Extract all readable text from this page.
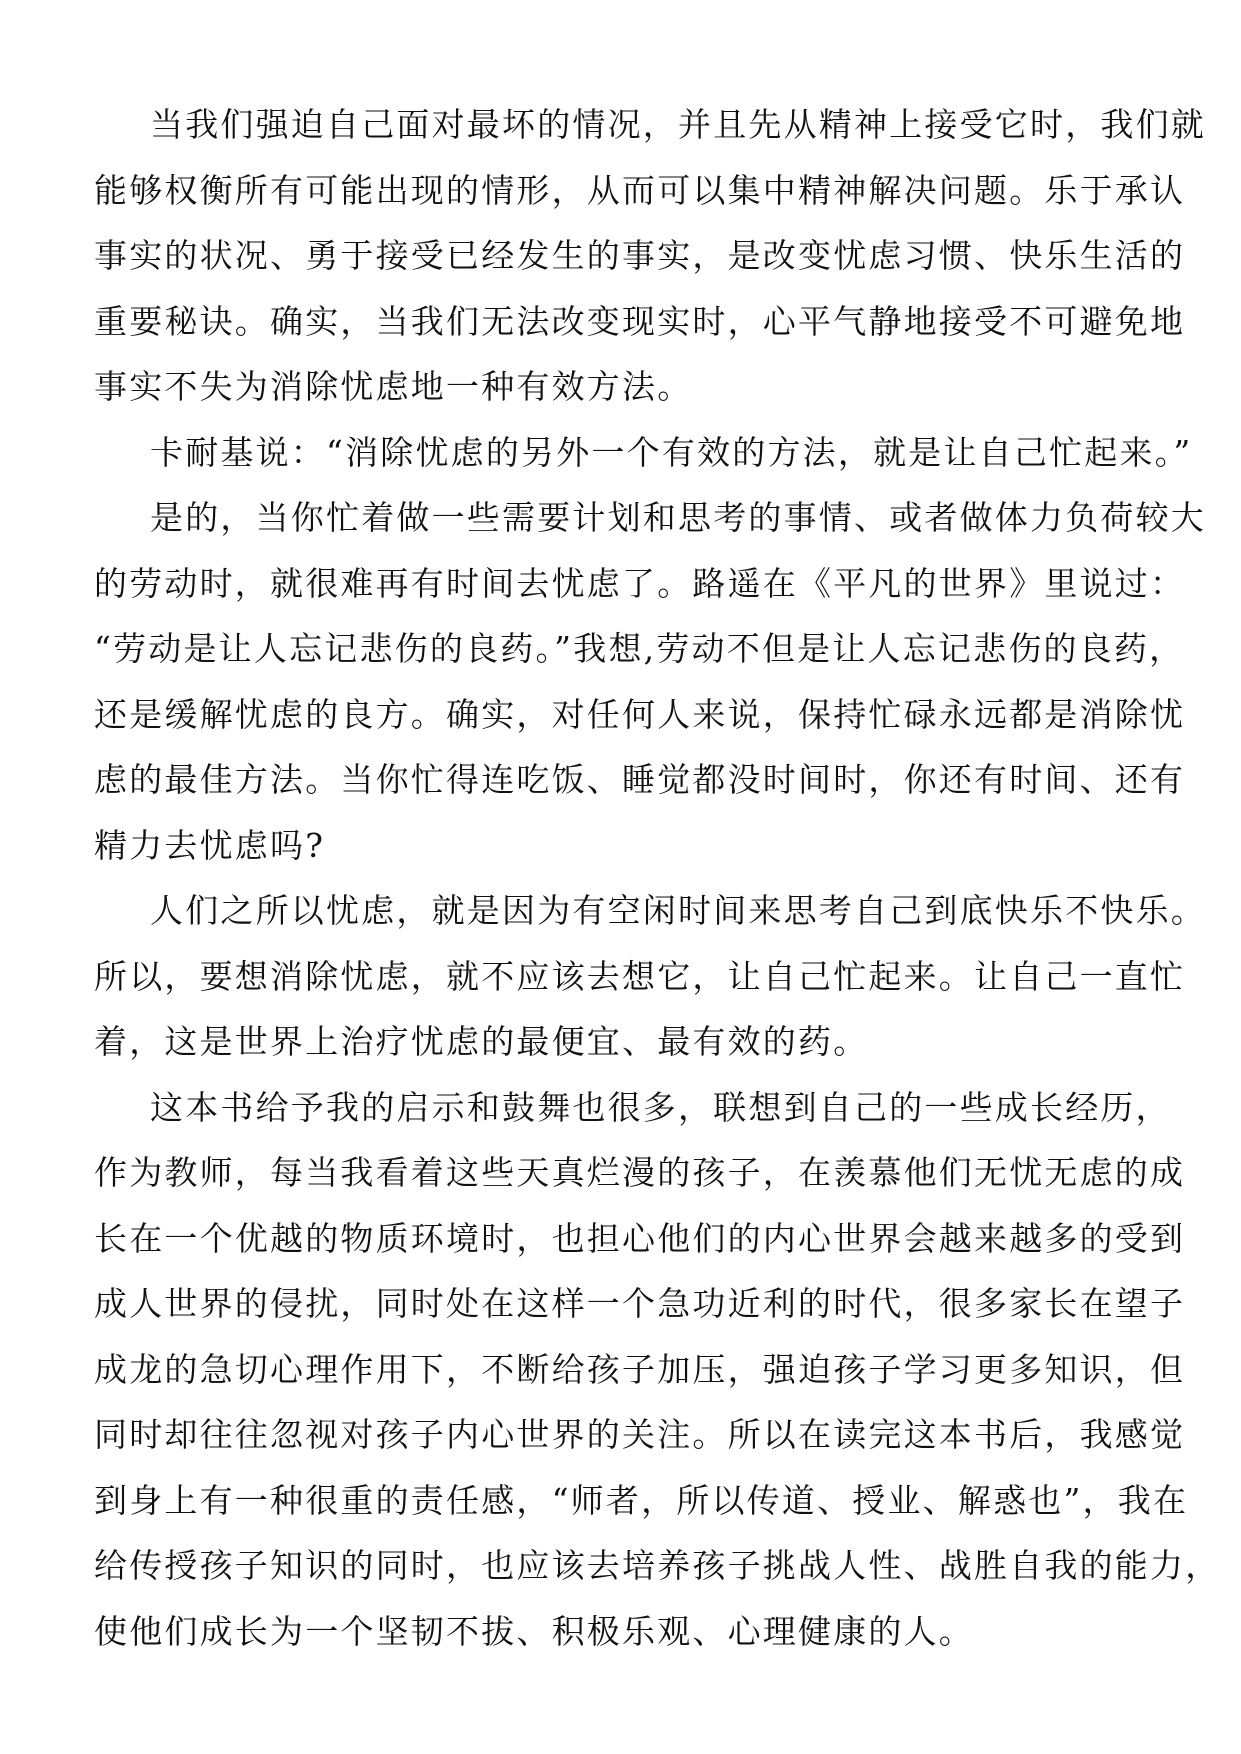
当我们强迫自己面对最坏的情况，并且先从精神上接受它时，我们就
能够权衡所有可能出现的情形，从而可以集中精神解决问题。乐于承认
事实的状况、勇于接受已经发生的事实，是改变忧虑习惯、快乐生活的
重要秘诀。确实，当我们无法改变现实时，心平气静地接受不可避免地
事实不失为消除忧虑地一种有效方法。
卡耐基说：“消除忧虑的另外一个有效的方法，就是让自己忙起来。”
是的，当你忙着做一些需要计划和思考的事情、或者做体力负荷较大
的劳动时，就很难再有时间去忧虑了。路遥在《平凡的世界》里说过：
“劳动是让人忘记悲伤的良药。”我想,劳动不但是让人忘记悲伤的良药，
还是缓解忧虑的良方。确实，对任何人来说，保持忙碌永远都是消除忧
虑的最佳方法。当你忙得连吃饭、睡觉都没时间时，你还有时间、还有
精力去忧虑吗?
人们之所以忧虑，就是因为有空闲时间来思考自己到底快乐不快乐。
所以，要想消除忧虑，就不应该去想它，让自己忙起来。让自己一直忙
着，这是世界上治疗忧虑的最便宜、最有效的药。
这本书给予我的启示和鼓舞也很多，联想到自己的一些成长经历，
作为教师，每当我看着这些天真烂漫的孩子，在羡慕他们无忧无虑的成
长在一个优越的物质环境时，也担心他们的内心世界会越来越多的受到
成人世界的侵扰，同时处在这样一个急功近利的时代，很多家长在望子
成龙的急切心理作用下，不断给孩子加压，强迫孩子学习更多知识，但
同时却往往忽视对孩子内心世界的关注。所以在读完这本书后，我感觉
到身上有一种很重的责任感，“师者，所以传道、授业、解惑也”，我在
给传授孩子知识的同时，也应该去培养孩子挑战人性、战胜自我的能力，
使他们成长为一个坚韧不拔、积极乐观、心理健康的人。
